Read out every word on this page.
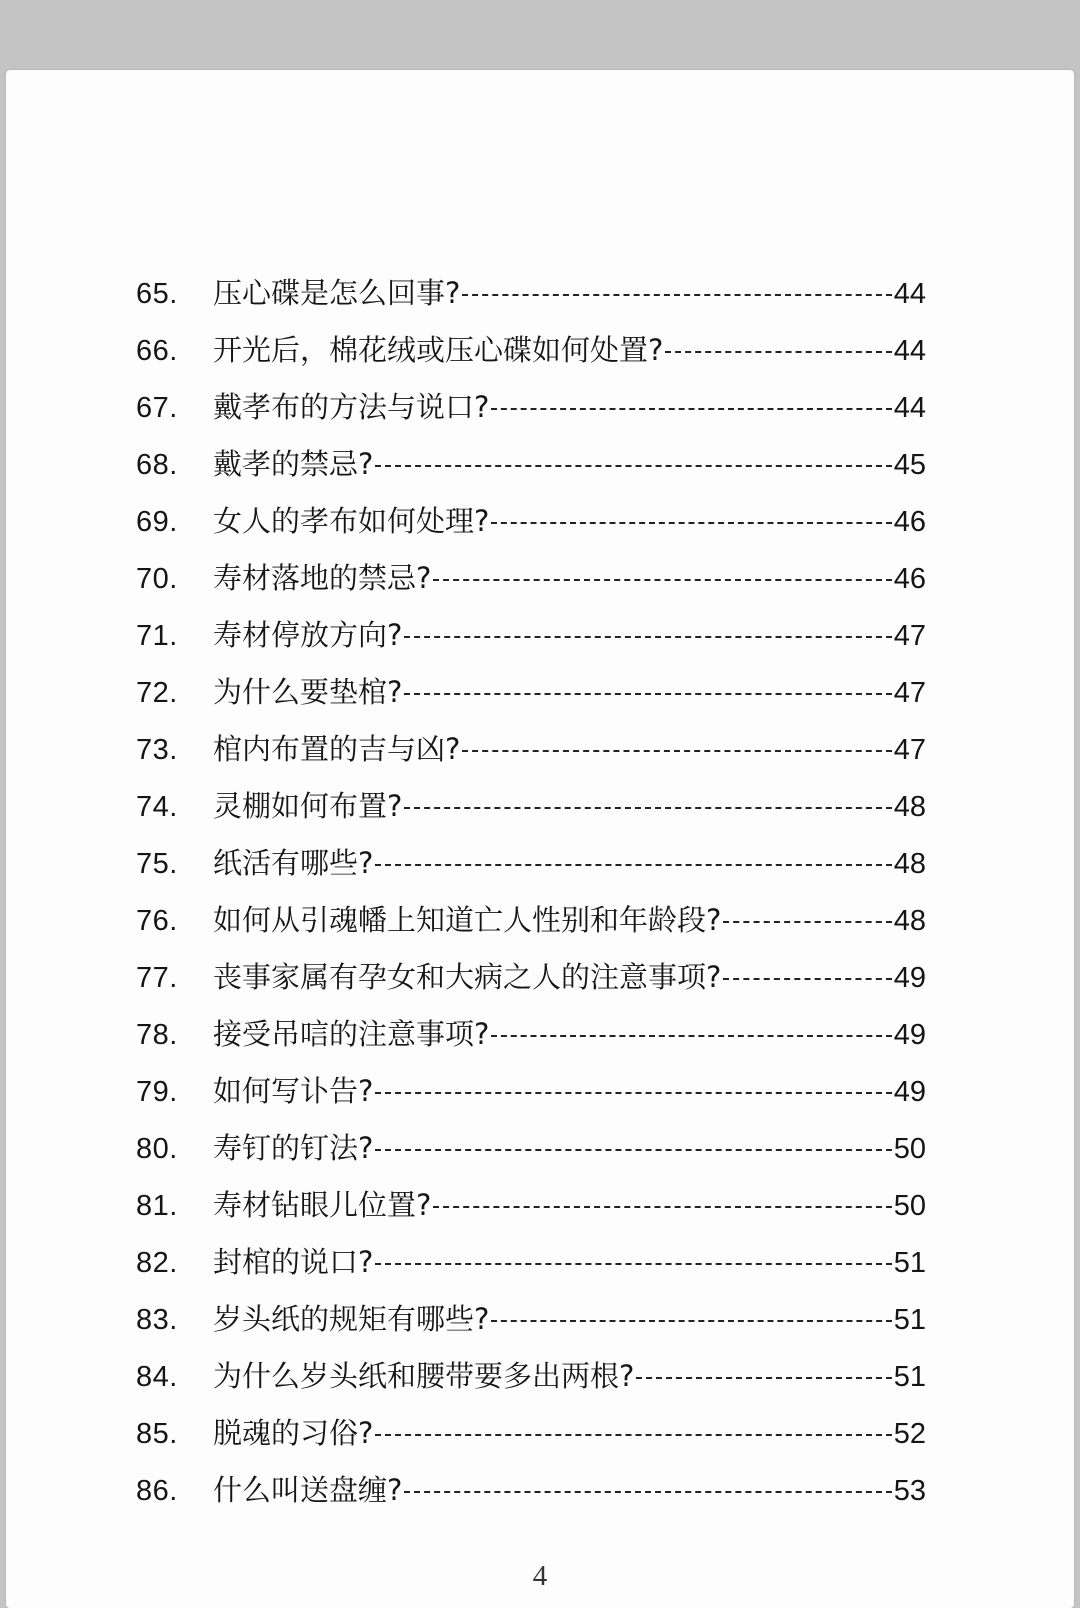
65.	压心碟是怎么回事?	44
66.	开光后，棉花绒或压心碟如何处置?	44
67.	戴孝布的方法与说口?	44
68.	戴孝的禁忌?	45
69.	女人的孝布如何处理?	46
70.	寿材落地的禁忌?	46
71.	寿材停放方向?	47
72.	为什么要垫棺?	47
73.	棺内布置的吉与凶?	47
74.	灵棚如何布置?	48
75.	纸活有哪些?	48
76.	如何从引魂幡上知道亡人性别和年龄段?	48
77.	丧事家属有孕女和大病之人的注意事项?	49
78.	接受吊唁的注意事项?	49
79.	如何写讣告?	49
80.	寿钉的钉法?	50
81.	寿材钻眼儿位置?	50
82.	封棺的说口?	51
83.	岁头纸的规矩有哪些?	51
84.	为什么岁头纸和腰带要多出两根?	51
85.	脱魂的习俗?	52
86.	什么叫送盘缠?	53
4
